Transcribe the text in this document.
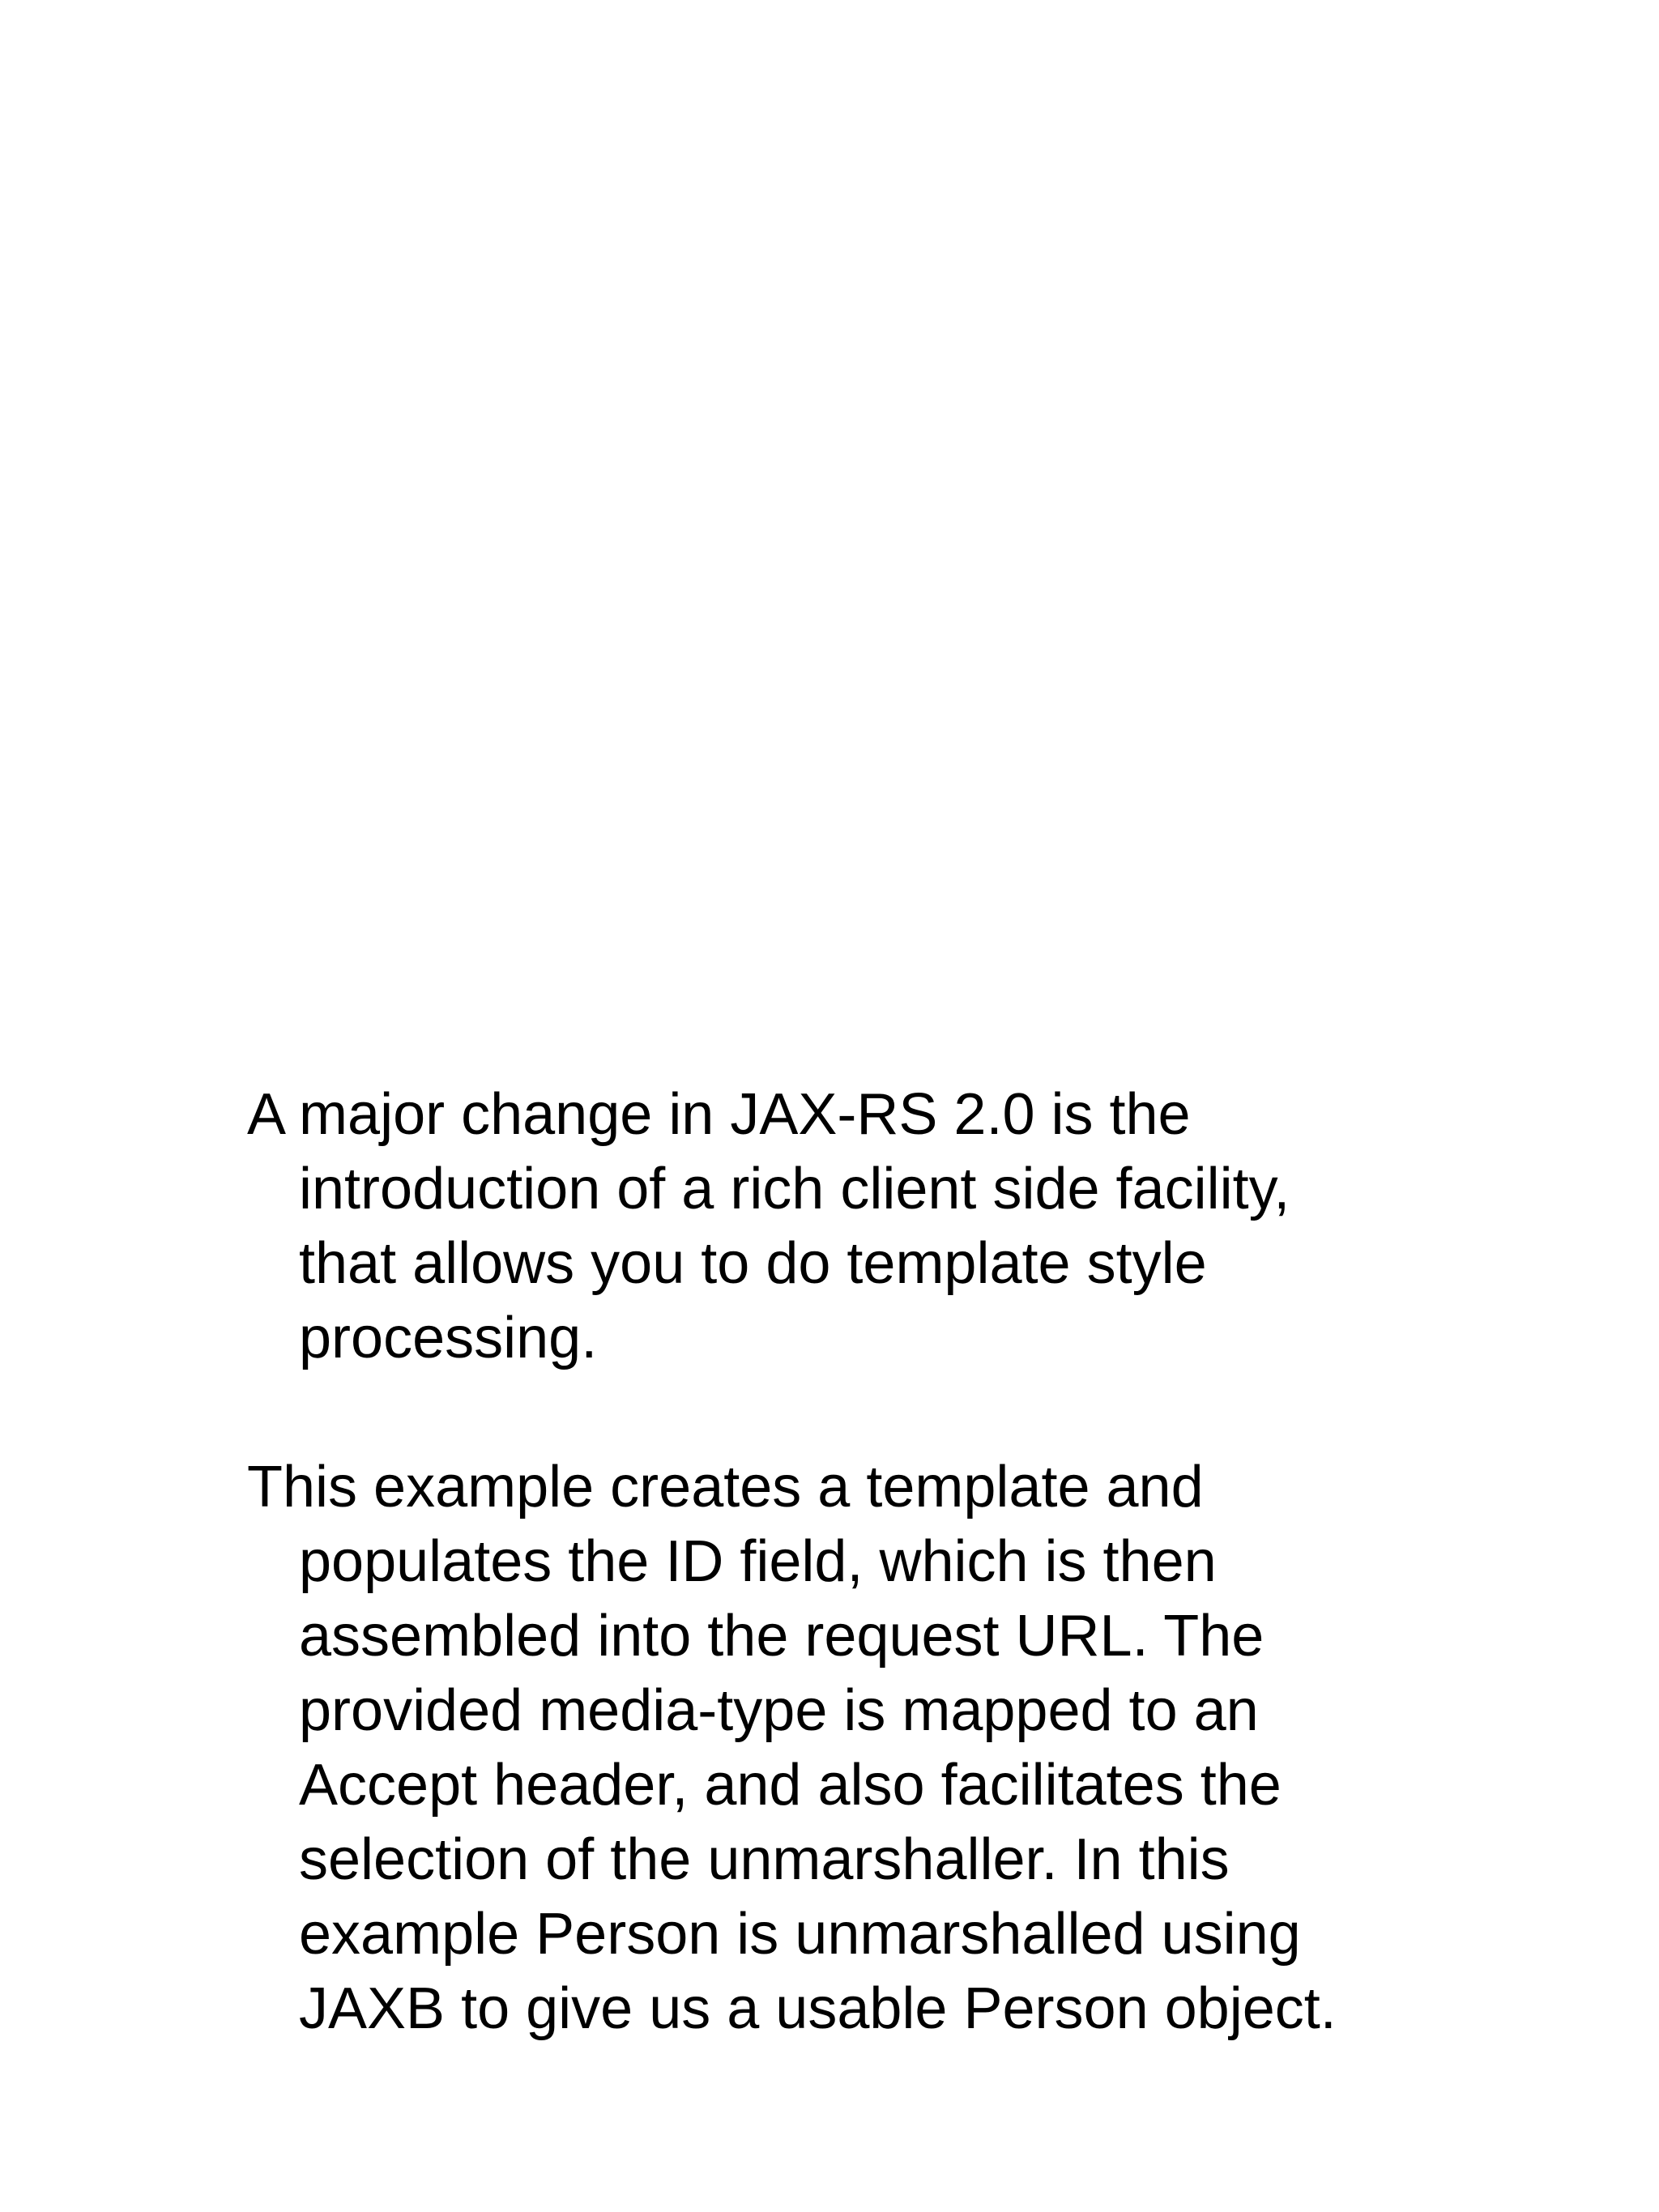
A major change in JAX-RS 2.0 is the
introduction of a rich client side facility,
that allows you to do template style
processing.

This example creates a template and
populates the ID field, which is then
assembled into the request URL. The
provided media-type is mapped to an
Accept header, and also facilitates the
selection of the unmarshaller. In this
example Person is unmarshalled using
JAXB to give us a usable Person object.
